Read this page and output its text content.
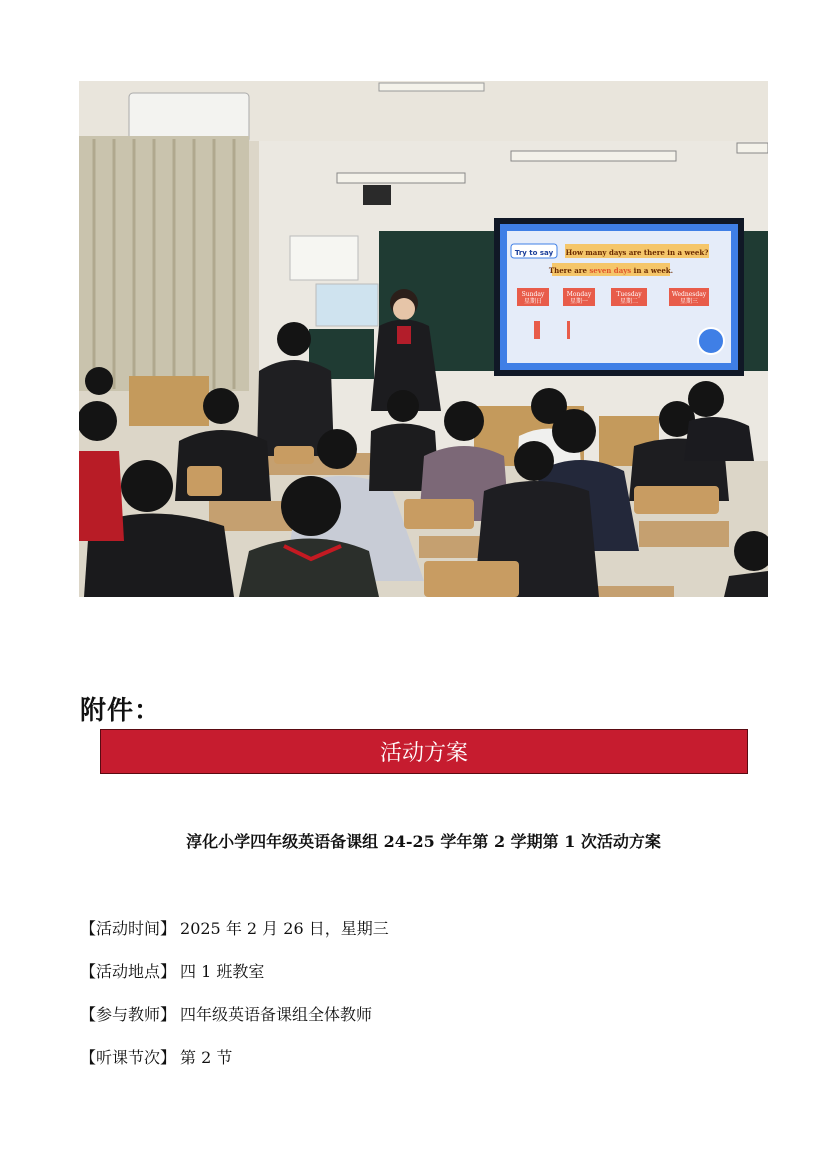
Try to say How many days are there in a week?
There are seven days in a week.
Sunday
星期日
Monday
星期一
Tuesday
星期二
Wednesday
星期三
附件：
活动方案
淳化小学四年级英语备课组 24-25 学年第 2 学期第 1 次活动方案
【活动时间】 2025 年 2 月 26 日，星期三
【活动地点】 四 1 班教室
【参与教师】 四年级英语备课组全体教师
【听课节次】 第 2 节
